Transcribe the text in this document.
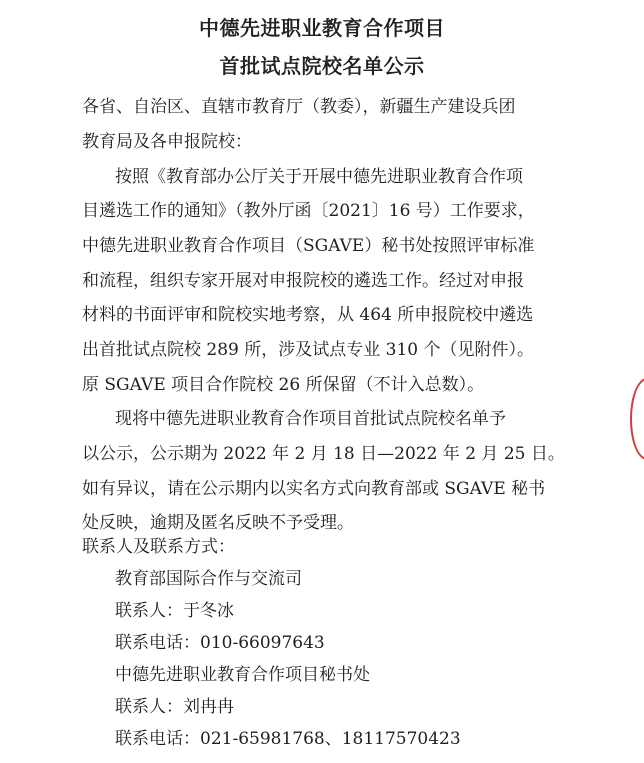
中德先进职业教育合作项目
首批试点院校名单公示
各省、自治区、直辖市教育厅（教委），新疆生产建设兵团
教育局及各申报院校：
按照《教育部办公厅关于开展中德先进职业教育合作项
目遴选工作的通知》（教外厅函〔2021〕16 号）工作要求，
中德先进职业教育合作项目（SGAVE）秘书处按照评审标准
和流程，组织专家开展对申报院校的遴选工作。经过对申报
材料的书面评审和院校实地考察，从 464 所申报院校中遴选
出首批试点院校 289 所，涉及试点专业 310 个（见附件）。
原 SGAVE 项目合作院校 26 所保留（不计入总数）。
现将中德先进职业教育合作项目首批试点院校名单予
以公示，公示期为 2022 年 2 月 18 日—2022 年 2 月 25 日。
如有异议，请在公示期内以实名方式向教育部或 SGAVE 秘书
处反映，逾期及匿名反映不予受理。
联系人及联系方式：
教育部国际合作与交流司
联系人：于冬冰
联系电话：010-66097643
中德先进职业教育合作项目秘书处
联系人：刘冉冉
联系电话：021-65981768、18117570423
